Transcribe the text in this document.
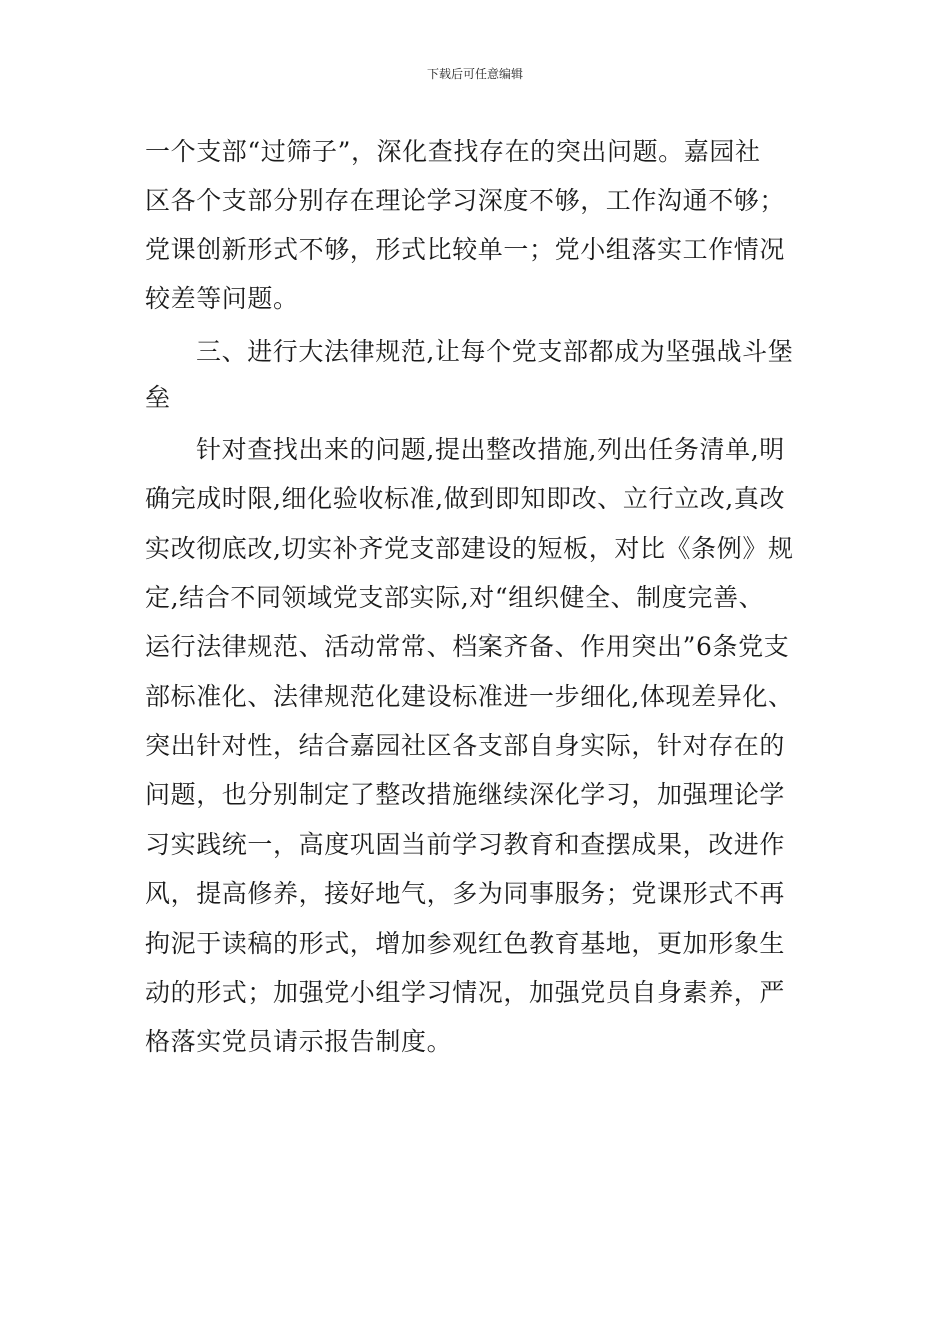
下载后可任意编辑
一个支部“过筛子”，深化查找存在的突出问题。嘉园社
区各个支部分别存在理论学习深度不够，工作沟通不够；
党课创新形式不够，形式比较单一；党小组落实工作情况
较差等问题。
三、进行大法律规范,让每个党支部都成为坚强战斗堡
垒
针对查找出来的问题,提出整改措施,列出任务清单,明
确完成时限,细化验收标准,做到即知即改、立行立改,真改
实改彻底改,切实补齐党支部建设的短板，对比《条例》规
定,结合不同领域党支部实际,对“组织健全、制度完善、
运行法律规范、活动常常、档案齐备、作用突出”6条党支
部标准化、法律规范化建设标准进一步细化,体现差异化、
突出针对性，结合嘉园社区各支部自身实际，针对存在的
问题，也分别制定了整改措施继续深化学习，加强理论学
习实践统一，高度巩固当前学习教育和查摆成果，改进作
风，提高修养，接好地气，多为同事服务；党课形式不再
拘泥于读稿的形式，增加参观红色教育基地，更加形象生
动的形式；加强党小组学习情况，加强党员自身素养，严
格落实党员请示报告制度。
